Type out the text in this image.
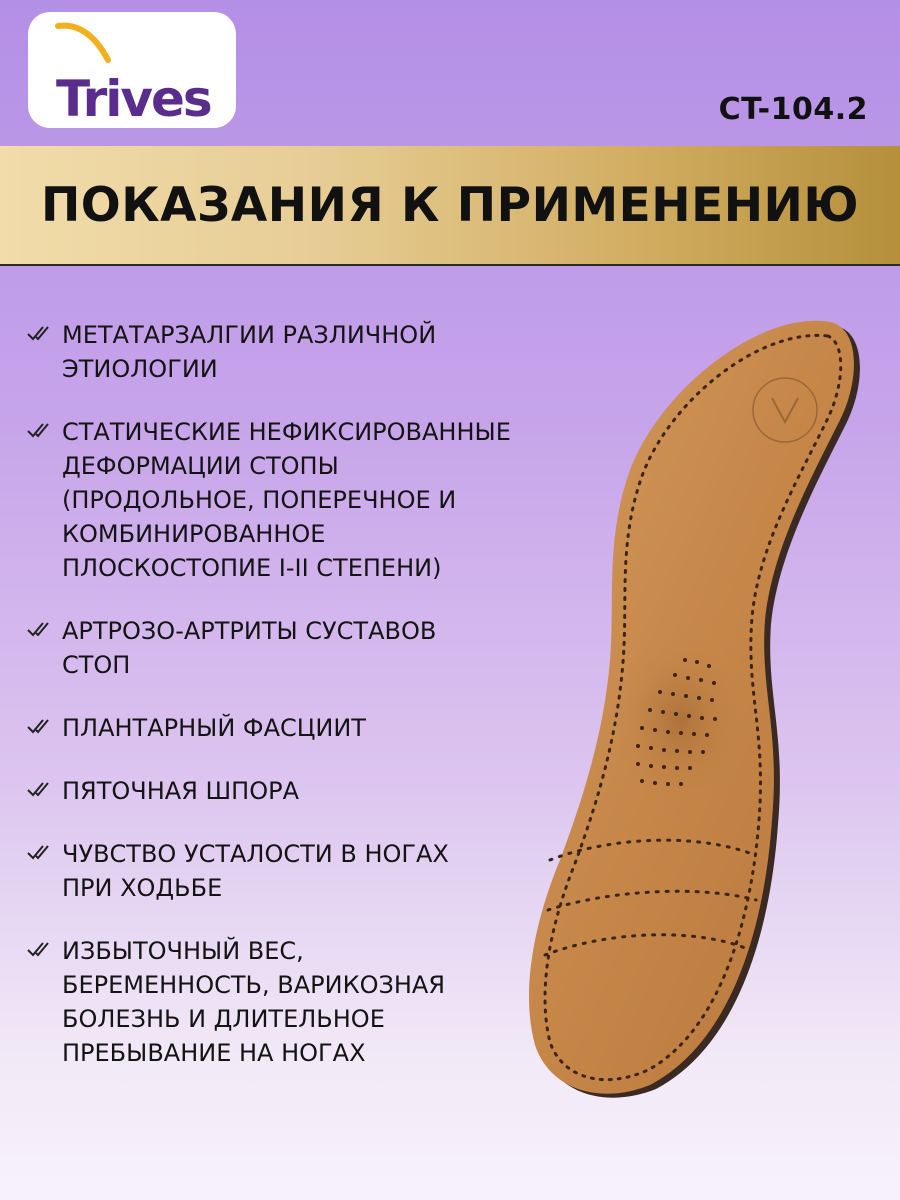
Trives	CT-104.2
ПОКАЗАНИЯ К ПРИМЕНЕНИЮ
МЕТАТАРЗАЛГИИ РАЗЛИЧНОЙ
ЭТИОЛОГИИ
СТАТИЧЕСКИЕ НЕФИКСИРОВАННЫЕ
ДЕФОРМАЦИИ СТОПЫ
(ПРОДОЛЬНОЕ, ПОПЕРЕЧНОЕ И
КОМБИНИРОВАННОЕ
ПЛОСКОСТОПИЕ I-II СТЕПЕНИ)
АРТРОЗО-АРТРИТЫ СУСТАВОВ
СТОП
ПЛАНТАРНЫЙ ФАСЦИИТ
ПЯТОЧНАЯ ШПОРА
ЧУВСТВО УСТАЛОСТИ В НОГАХ
ПРИ ХОДЬБЕ
ИЗБЫТОЧНЫЙ ВЕС,
БЕРЕМЕННОСТЬ, ВАРИКОЗНАЯ
БОЛЕЗНЬ И ДЛИТЕЛЬНОЕ
ПРЕБЫВАНИЕ НА НОГАХ
